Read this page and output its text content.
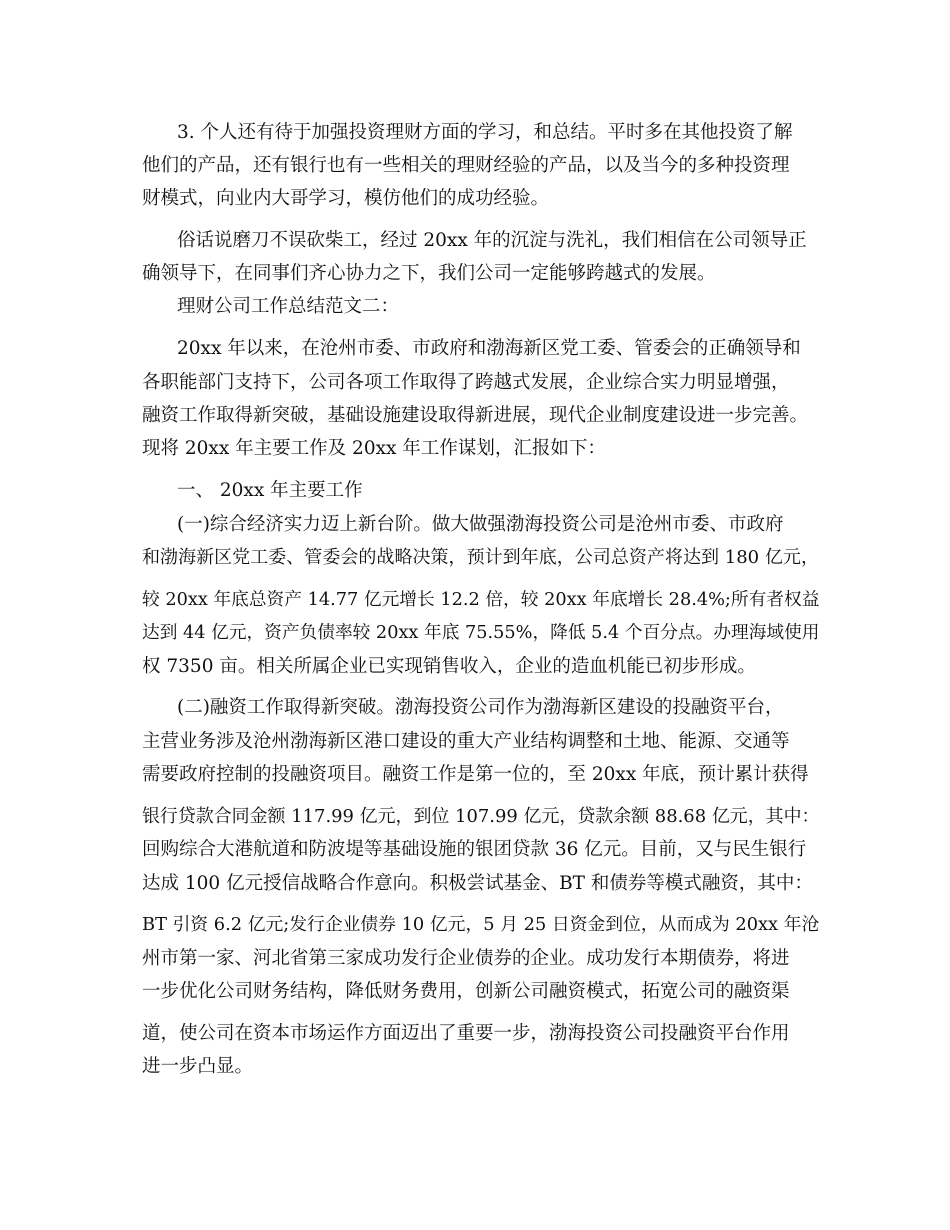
3. 个人还有待于加强投资理财方面的学习，和总结。平时多在其他投资了解

他们的产品，还有银行也有一些相关的理财经验的产品，以及当今的多种投资理

财模式，向业内大哥学习，模仿他们的成功经验。

俗话说磨刀不误砍柴工，经过 20xx 年的沉淀与洗礼，我们相信在公司领导正

确领导下，在同事们齐心协力之下，我们公司一定能够跨越式的发展。

理财公司工作总结范文二：

20xx 年以来，在沧州市委、市政府和渤海新区党工委、管委会的正确领导和

各职能部门支持下，公司各项工作取得了跨越式发展，企业综合实力明显增强，

融资工作取得新突破，基础设施建设取得新进展，现代企业制度建设进一步完善。

现将 20xx 年主要工作及 20xx 年工作谋划，汇报如下：

一、 20xx 年主要工作

(一)综合经济实力迈上新台阶。做大做强渤海投资公司是沧州市委、市政府

和渤海新区党工委、管委会的战略决策，预计到年底，公司总资产将达到 180 亿元，

较 20xx 年底总资产 14.77 亿元增长 12.2 倍，较 20xx 年底增长 28.4%;所有者权益

达到 44 亿元，资产负债率较 20xx 年底 75.55%，降低 5.4 个百分点。办理海域使用

权 7350 亩。相关所属企业已实现销售收入，企业的造血机能已初步形成。

(二)融资工作取得新突破。渤海投资公司作为渤海新区建设的投融资平台，

主营业务涉及沧州渤海新区港口建设的重大产业结构调整和土地、能源、交通等

需要政府控制的投融资项目。融资工作是第一位的，至 20xx 年底，预计累计获得

银行贷款合同金额 117.99 亿元，到位 107.99 亿元，贷款余额 88.68 亿元，其中：

回购综合大港航道和防波堤等基础设施的银团贷款 36 亿元。目前，又与民生银行

达成 100 亿元授信战略合作意向。积极尝试基金、BT 和债券等模式融资，其中：

BT 引资 6.2 亿元;发行企业债券 10 亿元，5 月 25 日资金到位，从而成为 20xx 年沧

州市第一家、河北省第三家成功发行企业债券的企业。成功发行本期债券，将进

一步优化公司财务结构，降低财务费用，创新公司融资模式，拓宽公司的融资渠

道，使公司在资本市场运作方面迈出了重要一步，渤海投资公司投融资平台作用

进一步凸显。
